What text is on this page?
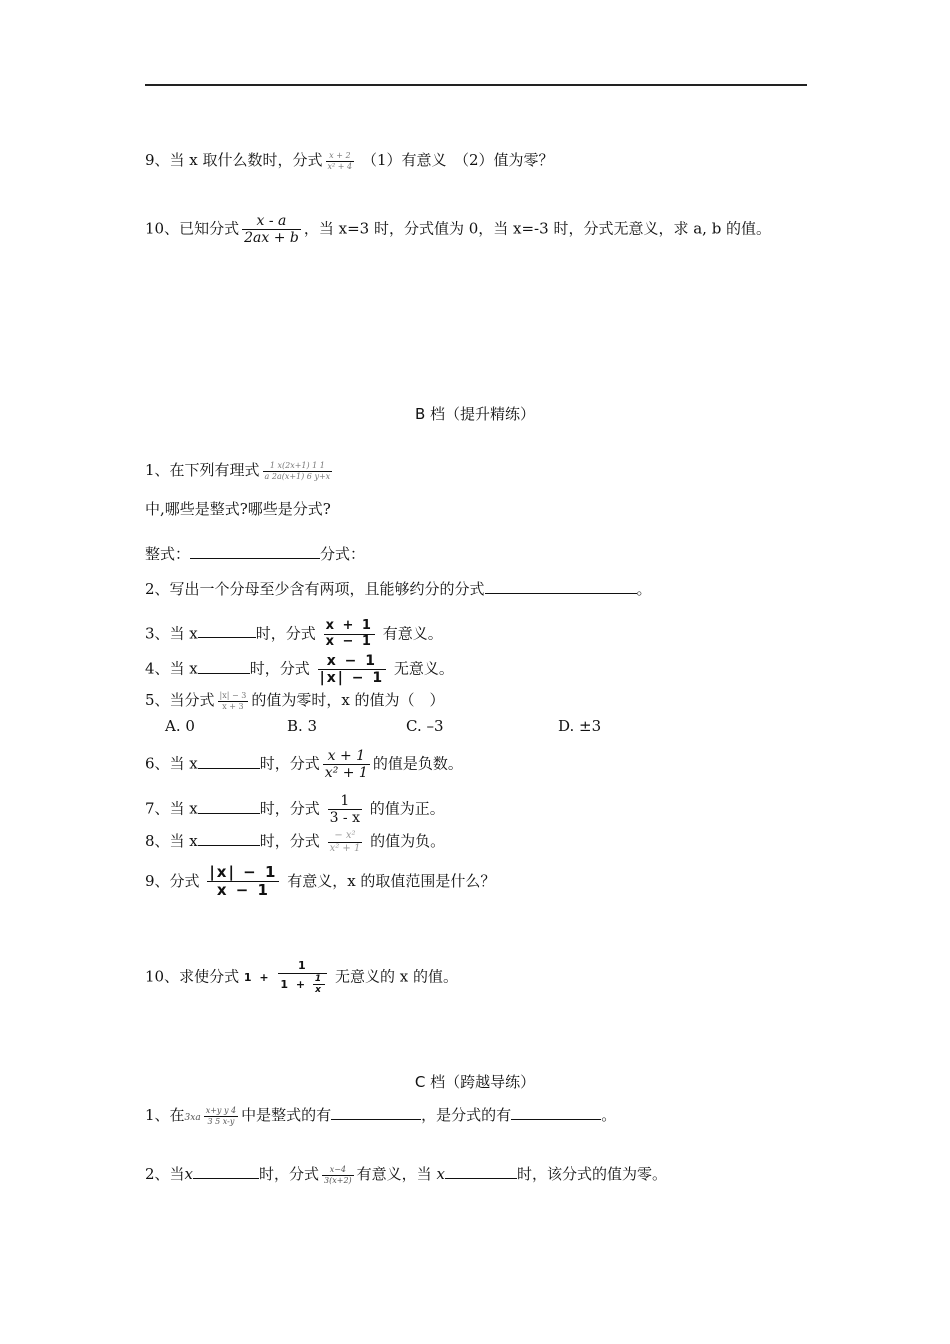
9、当 x 取什么数时，分式 $\frac{x + 2}{\text{x² + 4}} (1)$有意义　（2）值为零？
10、已知分式 $\frac{x - a}{2ax + b}$ ，当 x=3 时，分式值为 0，当 x=-3 时，分式无意义，求 a, b 的值。
B 档（提升精练）
1、在下列有理式 $\frac{1 x(2x+1) 1 1}{a 2a(x+1) 6 y+x}$
中,哪些是整式?哪些是分式?
整式：	分式：
2、写出一个分母至少含有两项，且能够约分的分式	。
3、当 x	时，分式 $\frac{x + 1}{x - 1}$ 有意义。
4、当 x	时，分式 $\frac{x - 1}{|x| - 1}$ 无意义。
5、当分式 $\frac{|x| - 3}{x + 3}$ 的值为零时，x 的值为（　）
A. 0	B. 3	C. –3	D. ±3
6、当 x	时，分式 $\frac{x + 1}{\text{x² + 1}}$ 的值是负数。
7、当 x	时，分式 $\frac{1}{3 - x}$ 的值为正。
8、当 x	时，分式 $\frac{\text{− x²}}{\text{x² + 1}}$ 的值为负。
9、分式 $\frac{|x| - 1}{x - 1}$ 有意义，x 的取值范围是什么？
10、求使分式 $1 + \frac{1}{1 + \frac{1}{x}}$ 无意义的 x 的值。
C 档（跨越导练）
1、在$3xa \frac{\text{x+y y 4}}{3 5 x-y}$ 中是整式的有	，是分式的有	。
2、当x	时，分式 $\frac{x-4}{3(x+2)}$ 有意义，当 x	时，该分式的值为零。
